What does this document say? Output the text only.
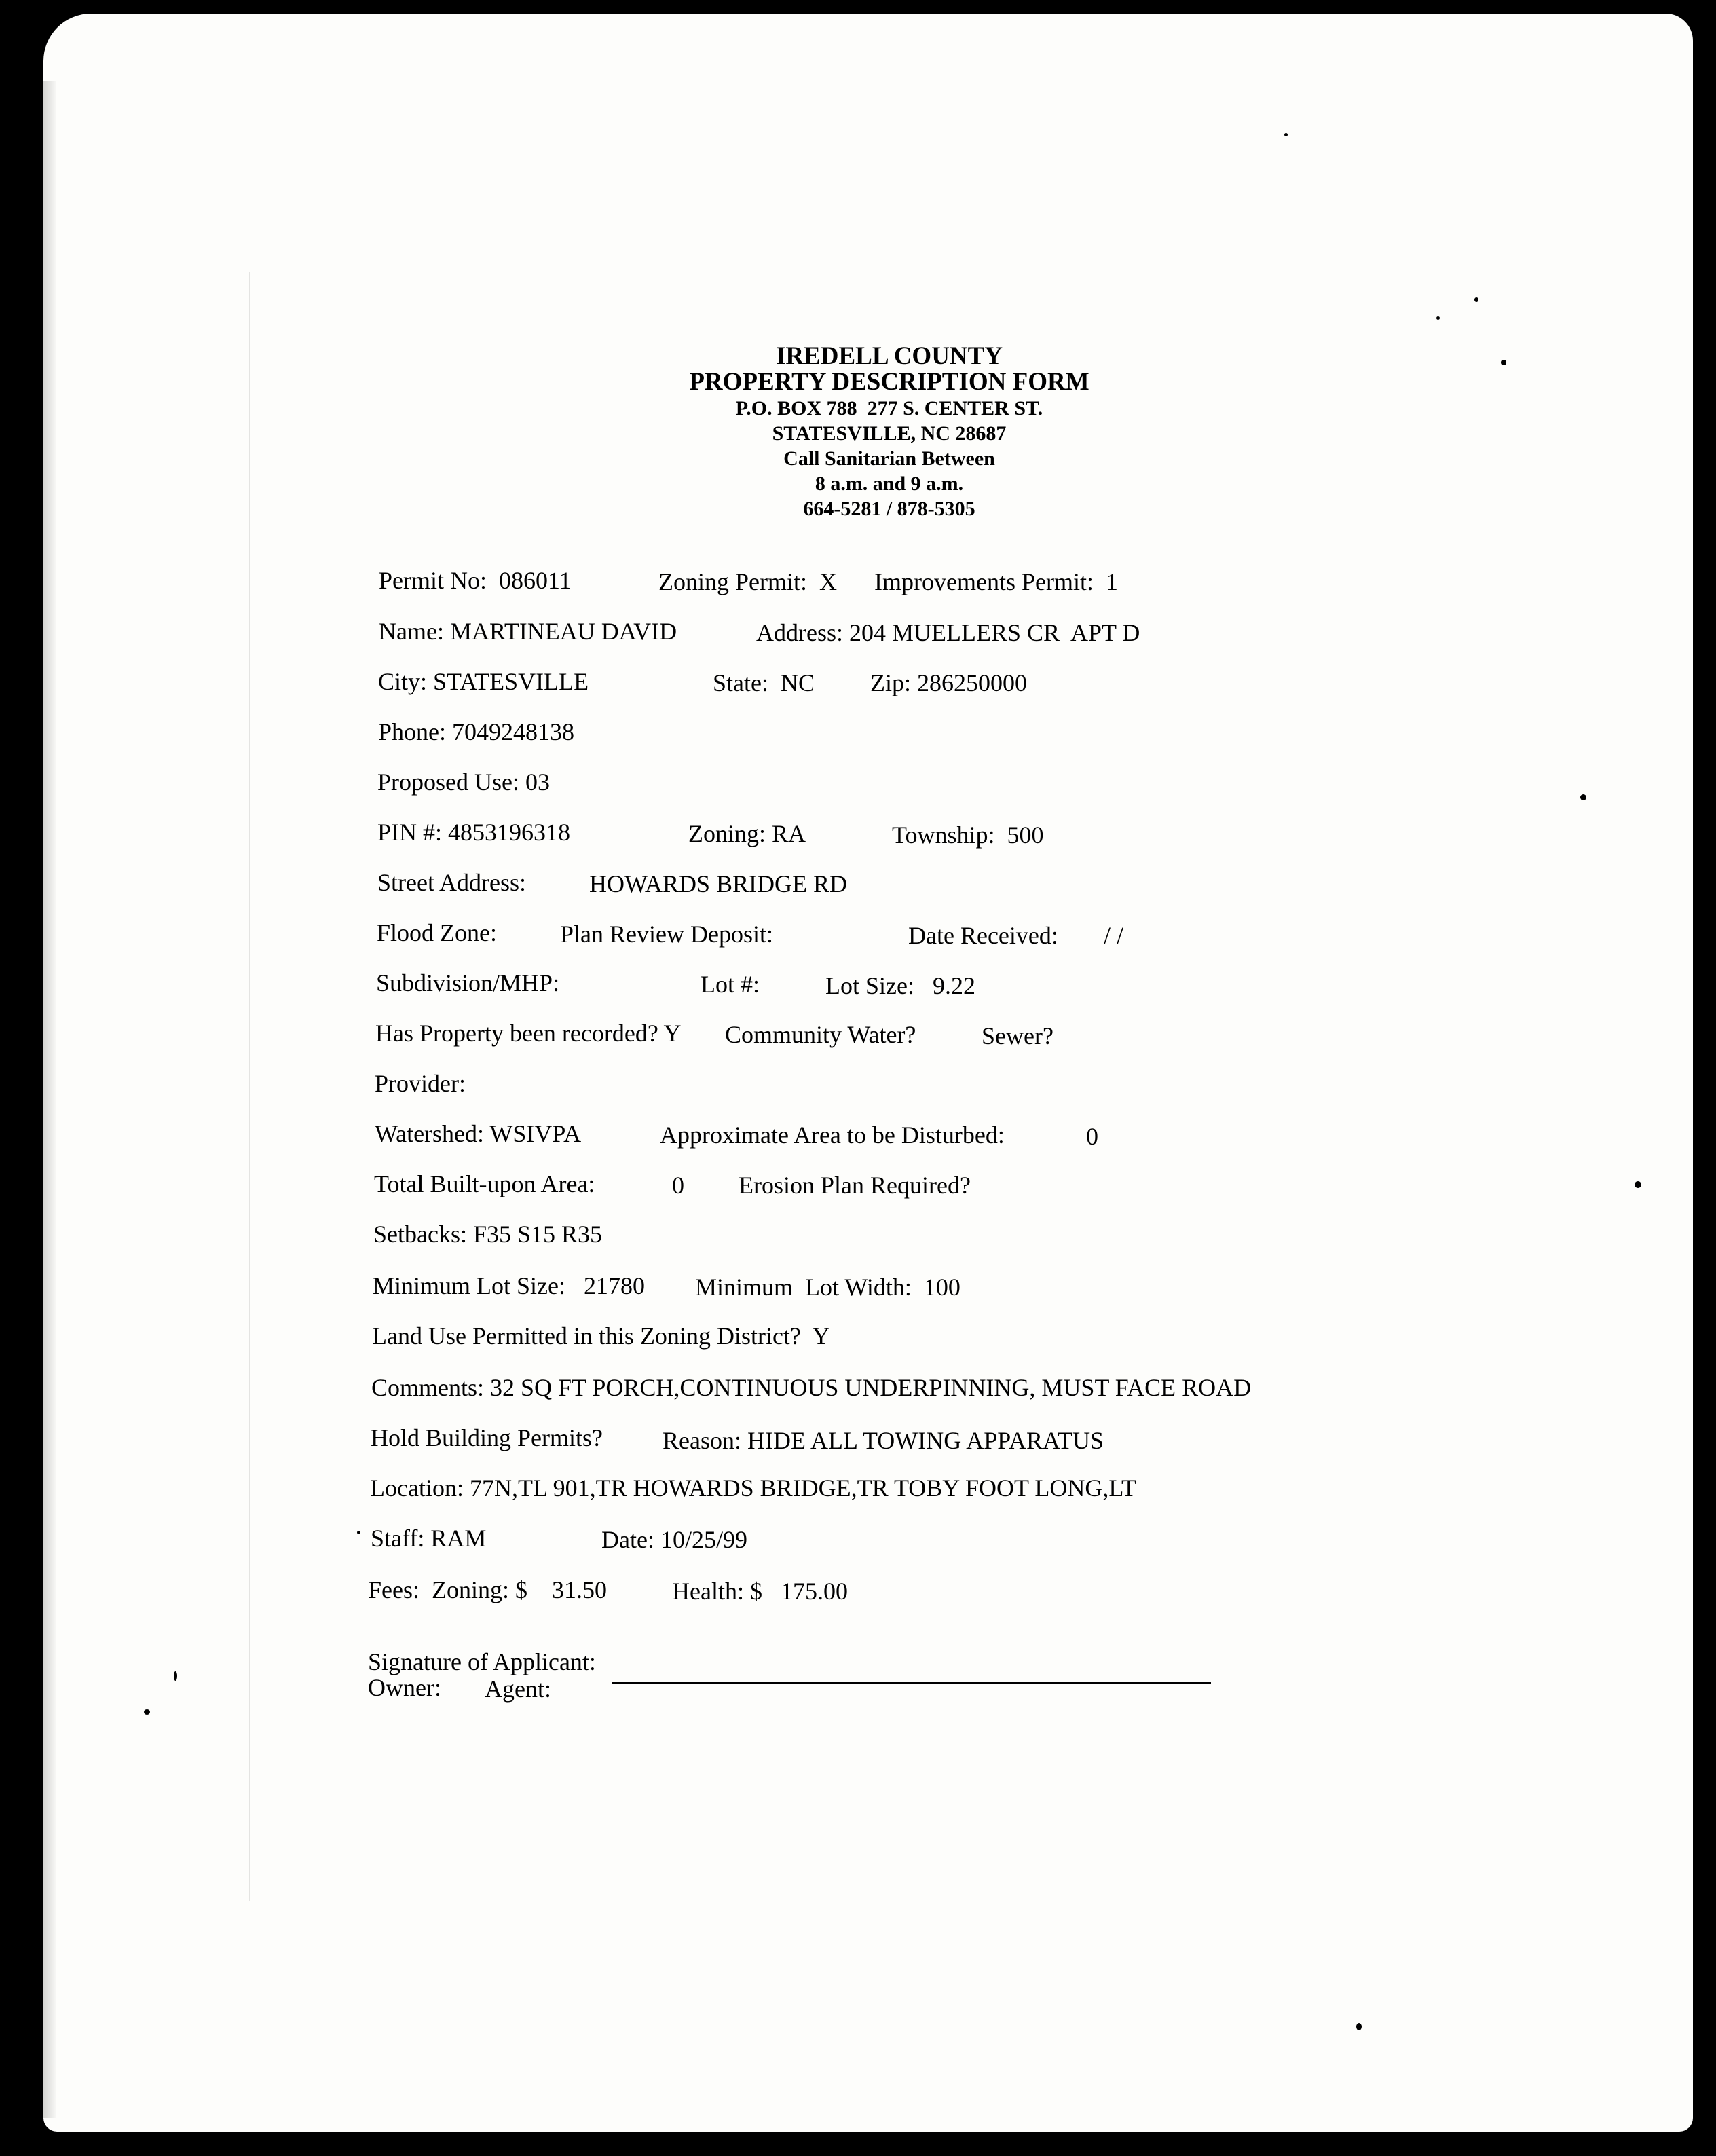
IREDELL COUNTY
PROPERTY DESCRIPTION FORM
P.O. BOX 788  277 S. CENTER ST.
STATESVILLE, NC 28687
Call Sanitarian Between
8 a.m. and 9 a.m.
664-5281 / 878-5305
Permit No:  086011	Zoning Permit:  X Improvements Permit:  1
Name: MARTINEAU DAVID	Address: 204 MUELLERS CR  APT D
City: STATESVILLE	State:  NC Zip: 286250000
Phone: 7049248138
Proposed Use: 03
PIN #: 4853196318	Zoning: RA	Township:  500
Street Address:	HOWARDS BRIDGE RD
Flood Zone:	Plan Review Deposit:	Date Received: / /
Subdivision/MHP:	Lot #:	Lot Size:   9.22
Has Property been recorded? Y Community Water?	Sewer?
Provider:
Watershed: WSIVPA	Approximate Area to be Disturbed:	0
Total Built-upon Area:	0 Erosion Plan Required?
Setbacks: F35 S15 R35
Minimum Lot Size:   21780 Minimum  Lot Width:  100
Land Use Permitted in this Zoning District?  Y
Comments: 32 SQ FT PORCH,CONTINUOUS UNDERPINNING, MUST FACE ROAD
Hold Building Permits? Reason: HIDE ALL TOWING APPARATUS
Location: 77N,TL 901,TR HOWARDS BRIDGE,TR TOBY FOOT LONG,LT
Staff: RAM	Date: 10/25/99
Fees:  Zoning: $    31.50	Health: $   175.00
Signature of Applicant:
Owner: Agent:
